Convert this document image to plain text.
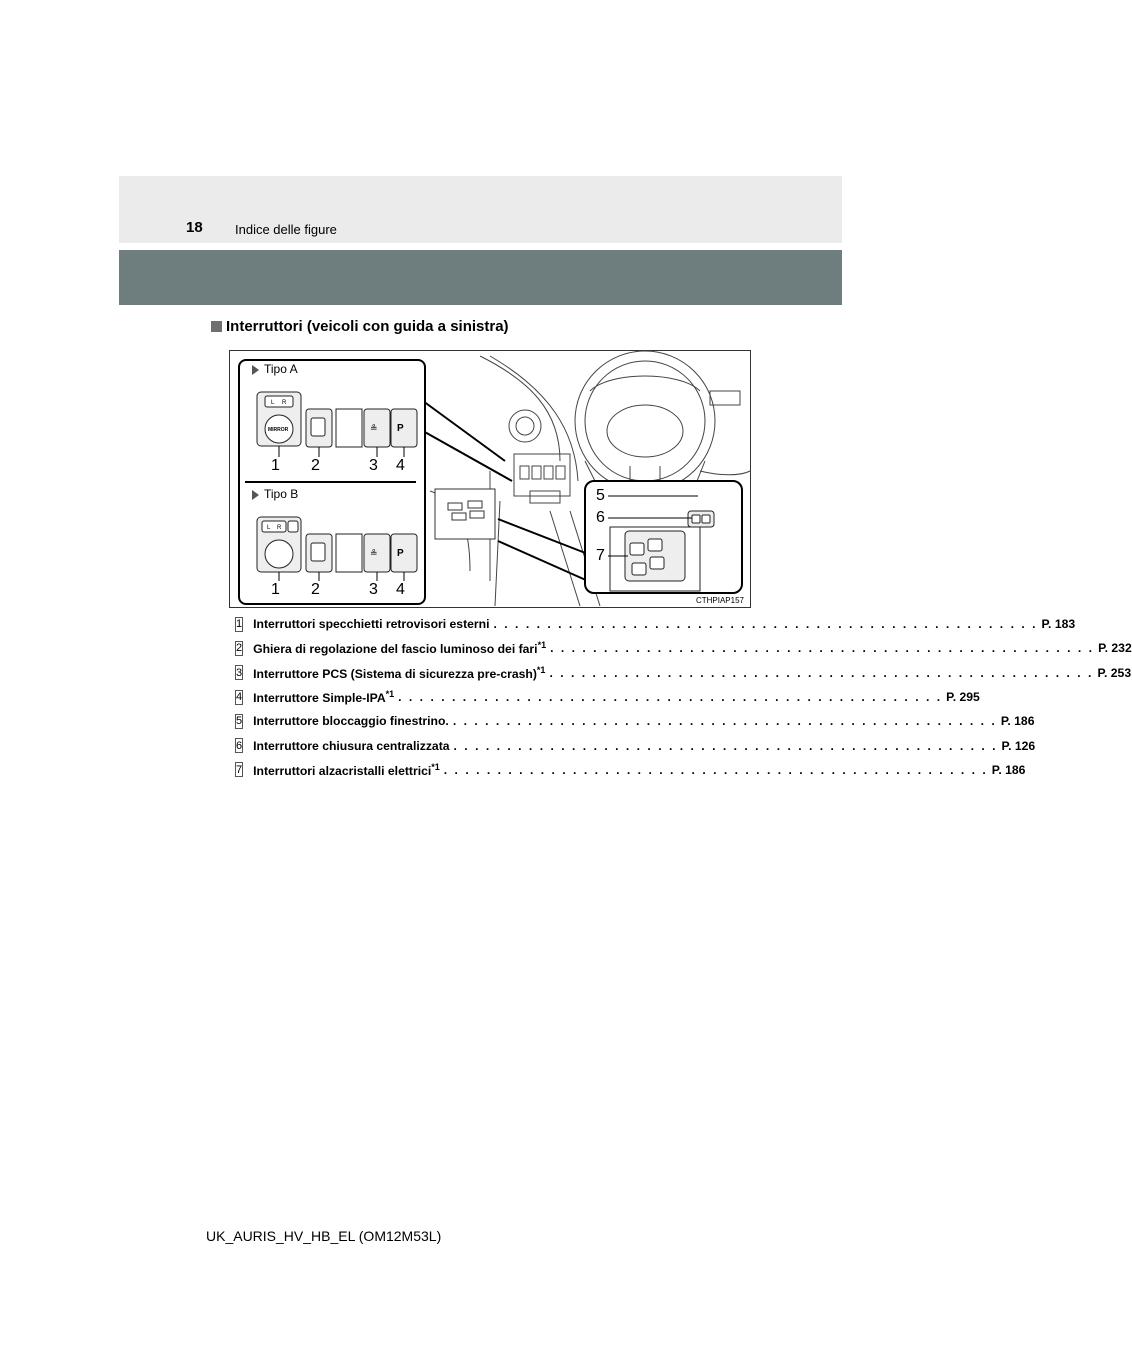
18 Indice delle figure
Interruttori (veicoli con guida a sinistra)
L R
MIRROR	≗ P
L R
≗ P
Tipo A
Tipo B
1 2	3 4
1 2	3 4
5
6
7
CTHPIAP157
1 Interruttori specchietti retrovisori esterni . . . . . . . . . . . . . . . . . . . . . . . . . . . . . . . . . . . . . . . . . . . . . . . . . . . P. 183
2 Ghiera di regolazione del fascio luminoso dei fari$^{*1}$ . . . . . . . . . . . . . . . . . . . . . . . . . . . . . . . . . . . . . . . . . . . . . . . . . . . P. 232
3 Interruttore PCS (Sistema di sicurezza pre-crash)$^{*1}$ . . . . . . . . . . . . . . . . . . . . . . . . . . . . . . . . . . . . . . . . . . . . . . . . . . . P. 253
4 Interruttore Simple-IPA$^{*1}$ . . . . . . . . . . . . . . . . . . . . . . . . . . . . . . . . . . . . . . . . . . . . . . . . . . . P. 295
5 Interruttore bloccaggio finestrino. . . . . . . . . . . . . . . . . . . . . . . . . . . . . . . . . . . . . . . . . . . . . . . . . . . . P. 186
6 Interruttore chiusura centralizzata . . . . . . . . . . . . . . . . . . . . . . . . . . . . . . . . . . . . . . . . . . . . . . . . . . . P. 126
7 Interruttori alzacristalli elettrici$^{*1}$ . . . . . . . . . . . . . . . . . . . . . . . . . . . . . . . . . . . . . . . . . . . . . . . . . . . P. 186
UK_AURIS_HV_HB_EL (OM12M53L)
